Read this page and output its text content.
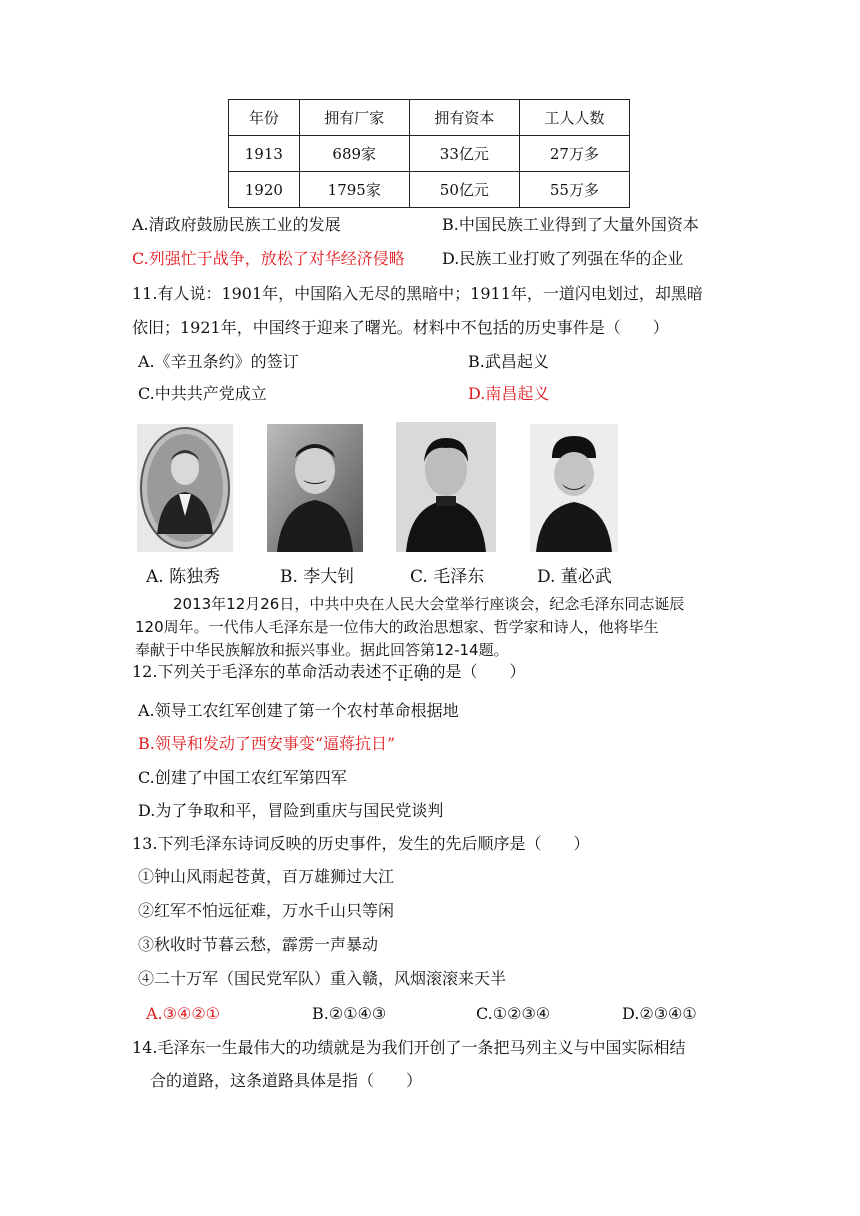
年份	拥有厂家	拥有资本	工人人数
1913	689家	33亿元	27万多
1920	1795家	50亿元	55万多
A.清政府鼓励民族工业的发展	B.中国民族工业得到了大量外国资本
C.列强忙于战争，放松了对华经济侵略 D.民族工业打败了列强在华的企业
11.有人说：1901年，中国陷入无尽的黑暗中；1911年，一道闪电划过，却黑暗
依旧；1921年，中国终于迎来了曙光。材料中不包括的历史事件是（　　）
A.《辛丑条约》的签订	B.武昌起义
C.中共共产党成立	D.南昌起义
A. 陈独秀	B. 李大钊	C. 毛泽东	D. 董必武

2013年12月26日，中共中央在人民大会堂举行座谈会，纪念毛泽东同志诞辰

120周年。一代伟人毛泽东是一位伟大的政治思想家、哲学家和诗人，他将毕生

奉献于中华民族解放和振兴事业。据此回答第12-14题。

12.下列关于毛泽东的革命活动表述不正确的是（　　）
A.领导工农红军创建了第一个农村革命根据地
B.领导和发动了西安事变“逼蒋抗日”
C.创建了中国工农红军第四军
D.为了争取和平，冒险到重庆与国民党谈判
13.下列毛泽东诗词反映的历史事件，发生的先后顺序是（　　）
①钟山风雨起苍黄，百万雄狮过大江
②红军不怕远征难，万水千山只等闲
③秋收时节暮云愁，霹雳一声暴动
④二十万军（国民党军队）重入赣，风烟滚滚来天半
A.③④②①	B.②①④③	C.①②③④	D.②③④①
14.毛泽东一生最伟大的功绩就是为我们开创了一条把马列主义与中国实际相结
合的道路，这条道路具体是指（　　）
